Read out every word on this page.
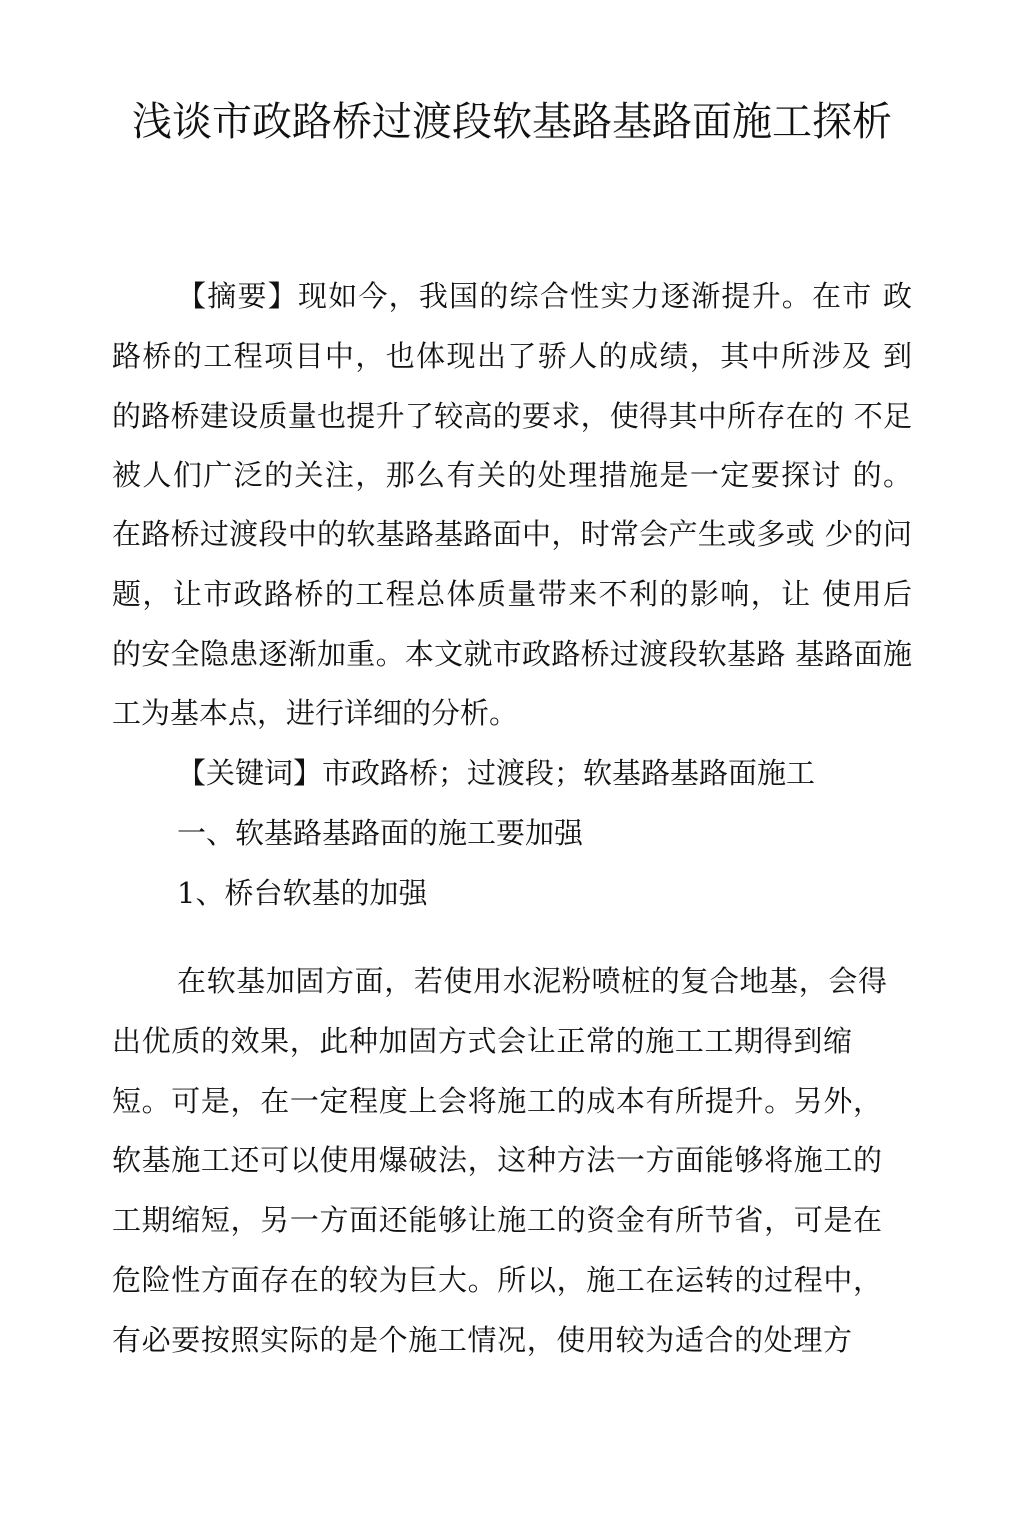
浅谈市政路桥过渡段软基路基路面施工探析
【摘要】现如今，我国的综合性实力逐渐提升。在市 政
路桥的工程项目中，也体现出了骄人的成绩，其中所涉及 到
的路桥建设质量也提升了较高的要求，使得其中所存在的 不足
被人们广泛的关注，那么有关的处理措施是一定要探讨 的。
在路桥过渡段中的软基路基路面中，时常会产生或多或 少的问
题，让市政路桥的工程总体质量带来不利的影响，让 使用后
的安全隐患逐渐加重。本文就市政路桥过渡段软基路 基路面施
工为基本点，进行详细的分析。
【关键词】市政路桥；过渡段；软基路基路面施工
一、软基路基路面的施工要加强
1、桥台软基的加强
在软基加固方面，若使用水泥粉喷桩的复合地基，会得
出优质的效果，此种加固方式会让正常的施工工期得到缩
短。可是，在一定程度上会将施工的成本有所提升。另外，
软基施工还可以使用爆破法，这种方法一方面能够将施工的
工期缩短，另一方面还能够让施工的资金有所节省，可是在
危险性方面存在的较为巨大。所以，施工在运转的过程中，
有必要按照实际的是个施工情况，使用较为适合的处理方
